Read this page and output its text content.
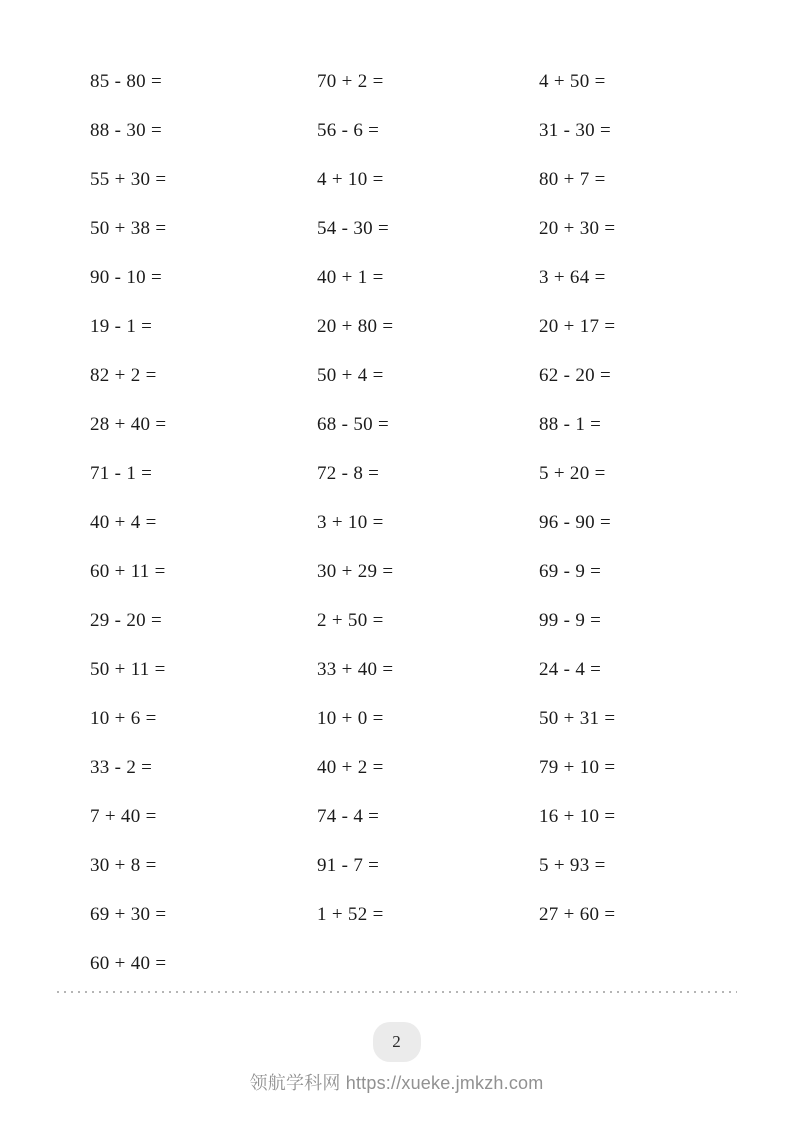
85 - 80 =	70 + 2 =	4 + 50 =
88 - 30 =	56 - 6 =	31 - 30 =
55 + 30 =	4 + 10 =	80 + 7 =
50 + 38 =	54 - 30 =	20 + 30 =
90 - 10 =	40 + 1 =	3 + 64 =
19 - 1 =	20 + 80 =	20 + 17 =
82 + 2 =	50 + 4 =	62 - 20 =
28 + 40 =	68 - 50 =	88 - 1 =
71 - 1 =	72 - 8 =	5 + 20 =
40 + 4 =	3 + 10 =	96 - 90 =
60 + 11 =	30 + 29 =	69 - 9 =
29 - 20 =	2 + 50 =	99 - 9 =
50 + 11 =	33 + 40 =	24 - 4 =
10 + 6 =	10 + 0 =	50 + 31 =
33 - 2 =	40 + 2 =	79 + 10 =
7 + 40 =	74 - 4 =	16 + 10 =
30 + 8 =	91 - 7 =	5 + 93 =
69 + 30 =	1 + 52 =	27 + 60 =
60 + 40 =
2
领航学科网 https://xueke.jmkzh.com
